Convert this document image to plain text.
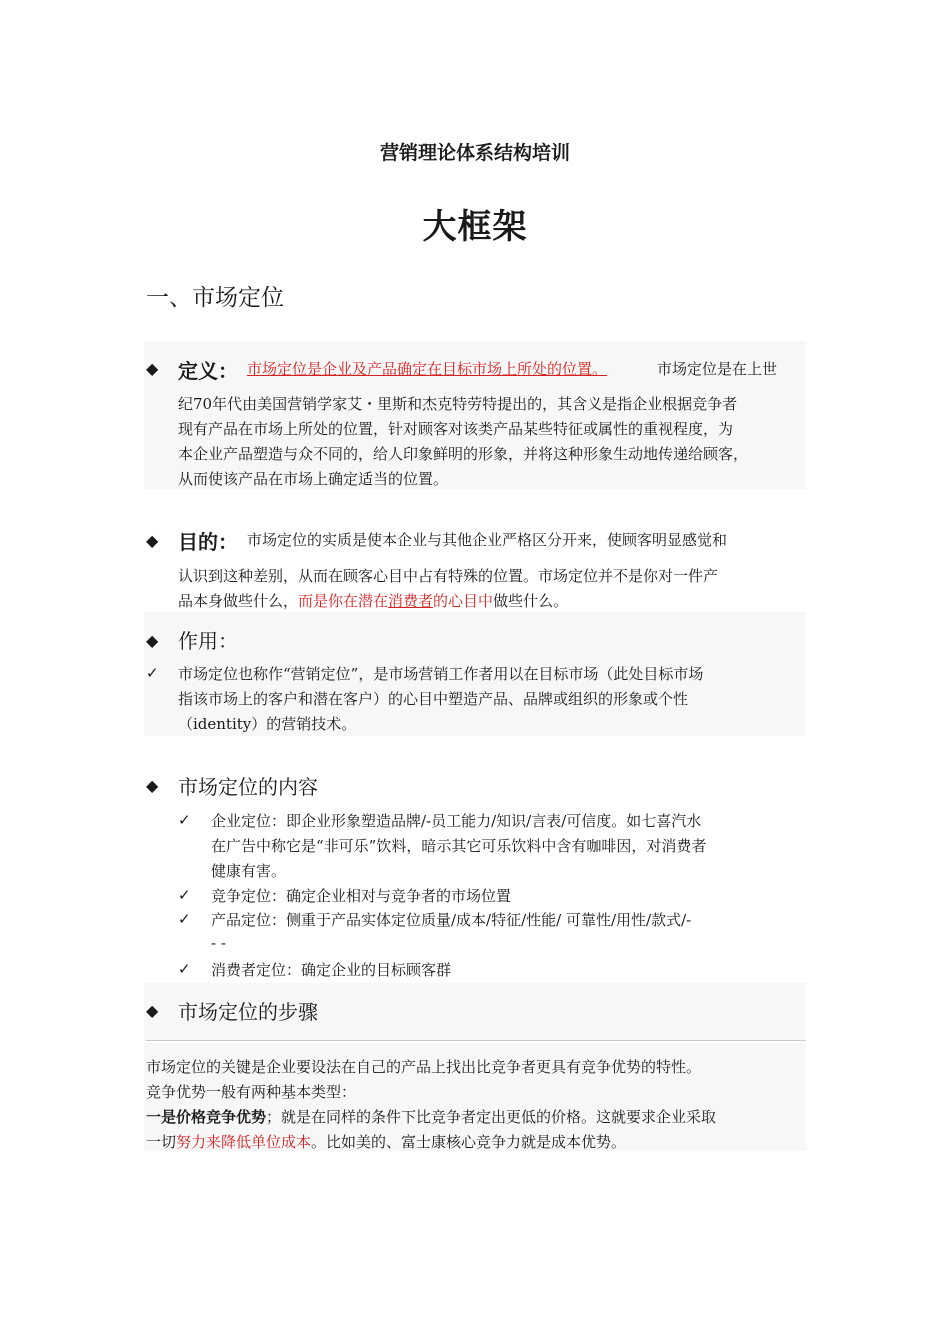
营销理论体系结构培训
大框架
一、市场定位
◆ 定义： 市场定位是企业及产品确定在目标市场上所处的位置。	市场定位是在上世
纪70年代由美国营销学家艾・里斯和杰克特劳特提出的，其含义是指企业根据竞争者
现有产品在市场上所处的位置，针对顾客对该类产品某些特征或属性的重视程度，为
本企业产品塑造与众不同的，给人印象鲜明的形象，并将这种形象生动地传递给顾客，
从而使该产品在市场上确定适当的位置。
◆ 目的： 市场定位的实质是使本企业与其他企业严格区分开来，使顾客明显感觉和
认识到这种差别，从而在顾客心目中占有特殊的位置。市场定位并不是你对一件产
品本身做些什么，而是你在潜在消费者的心目中做些什么。
◆ 作用：
✓ 市场定位也称作“营销定位”，是市场营销工作者用以在目标市场（此处目标市场
指该市场上的客户和潜在客户）的心目中塑造产品、品牌或组织的形象或个性
（identity）的营销技术。
◆ 市场定位的内容
✓ 企业定位：即企业形象塑造品牌/-员工能力/知识/言表/可信度。如七喜汽水
在广告中称它是“非可乐”饮料，暗示其它可乐饮料中含有咖啡因，对消费者
健康有害。
✓ 竞争定位：确定企业相对与竞争者的市场位置
✓ 产品定位：侧重于产品实体定位质量/成本/特征/性能/ 可靠性/用性/款式/-
- -
✓ 消费者定位：确定企业的目标顾客群
◆ 市场定位的步骤
市场定位的关键是企业要设法在自己的产品上找出比竞争者更具有竞争优势的特性。
竞争优势一般有两种基本类型：
一是价格竞争优势；就是在同样的条件下比竞争者定出更低的价格。这就要求企业采取
一切努力来降低单位成本。比如美的、富士康核心竞争力就是成本优势。
